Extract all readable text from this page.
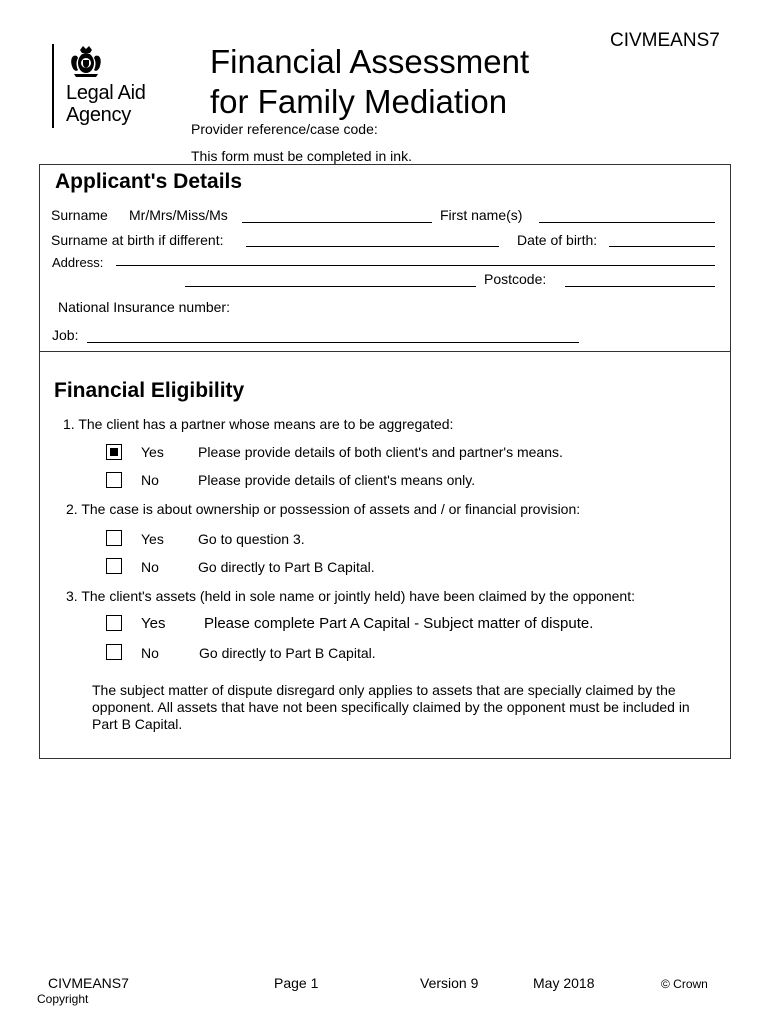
CIVMEANS7
Legal Aid
Agency
Financial Assessment
for Family Mediation
Provider reference/case code:
This form must be completed in ink.
Applicant's Details
Surname Mr/Mrs/Miss/Ms	First name(s)
Surname at birth if different:	Date of birth:
Address:
Postcode:
National Insurance number:
Job:
Financial Eligibility
1. The client has a partner whose means are to be aggregated:
Yes Please provide details of both client's and partner's means.
No	Please provide details of client's means only.
2. The case is about ownership or possession of assets and / or financial provision:
Yes Go to question 3.
No	Go directly to Part B Capital.
3. The client's assets (held in sole name or jointly held) have been claimed by the opponent:
Yes	Please complete Part A Capital - Subject matter of dispute.
No	Go directly to Part B Capital.
The subject matter of dispute disregard only applies to assets that are specially claimed by the opponent. All assets that have not been specifically claimed by the opponent must be included in Part B Capital.
CIVMEANS7	Page 1	Version 9	May 2018	© Crown
Copyright
